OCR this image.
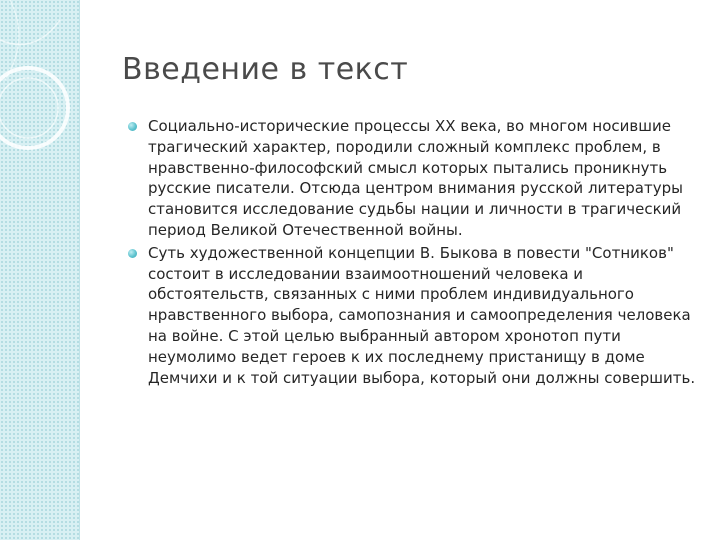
Введение в текст
Социально-исторические процессы XX века, во многом носившие трагический характер, породили сложный комплекс проблем, в нравственно-философский смысл которых пытались проникнуть русские писатели. Отсюда центром внимания русской литературы становится исследование судьбы нации и личности в трагический период Великой Отечественной войны.
Суть художественной концепции В. Быкова в повести "Сотников" состоит в исследовании взаимоотношений человека и обстоятельств, связанных с ними проблем индивидуального нравственного выбора, самопознания и самоопределения человека на войне. С этой целью выбранный автором хронотоп пути неумолимо ведет героев к их последнему пристанищу в доме Демчихи и к той ситуации выбора, который они должны совершить.
